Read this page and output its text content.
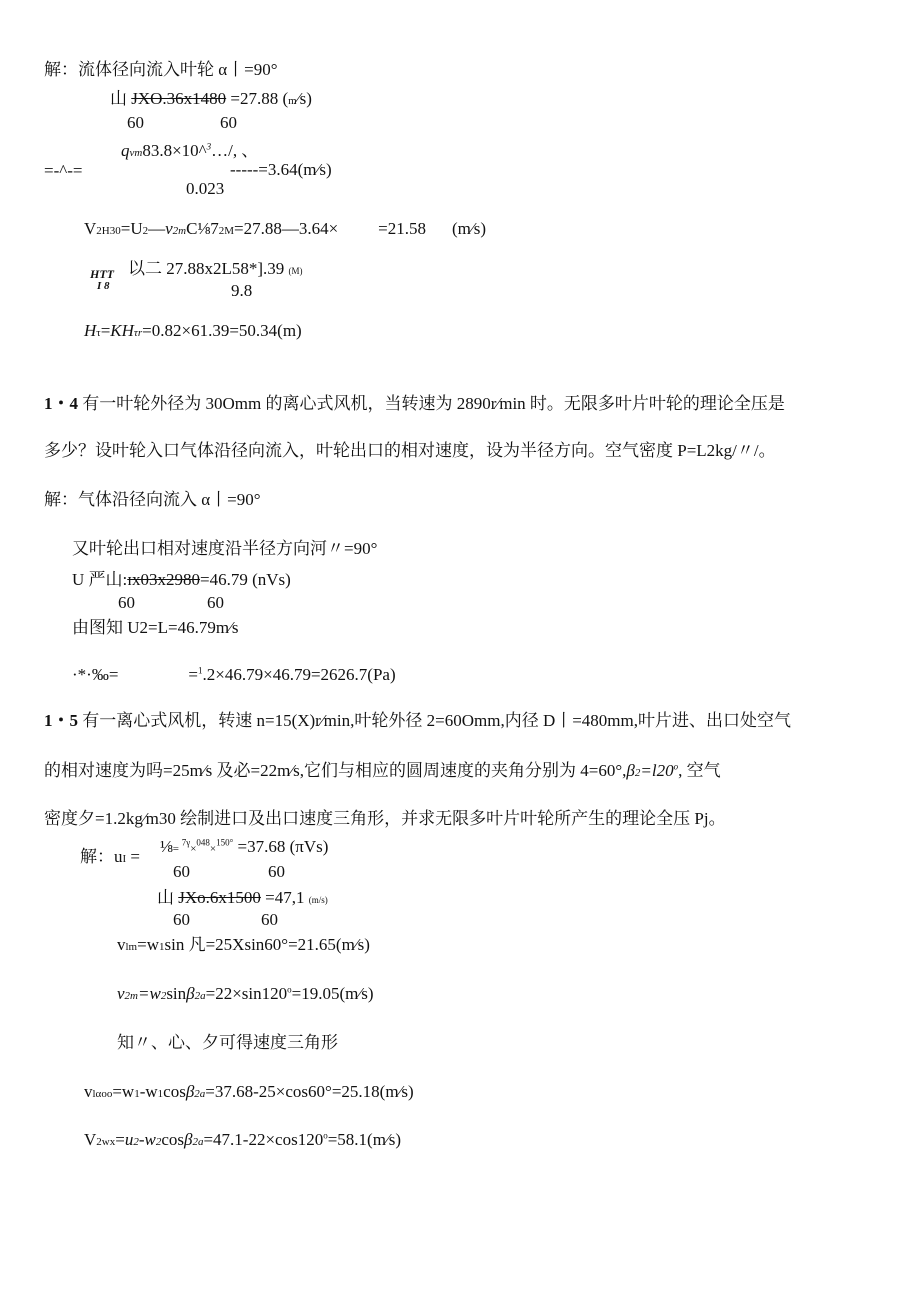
解：流体径向流入叶轮 α丨=90°
山 JXO.36x1480 =27.88 (m⁄s)
60	60
qvт83.8×10^$^3$…/, 、
=-^-=	-----=3.64(m⁄s)
0.023
V2H30=U2—v2mC⅛72M=27.88—3.64× =21.58 (m⁄s)
HTT
I 8
以二 27.88x2L58*].39 (M)
9.8
Hτ=KHτr=0.82×61.39=50.34(m)
1・4 有一叶轮外径为 30Omm 的离心式风机，当转速为 2890r⁄min 时。无限多叶片叶轮的理论全压是
多少？设叶轮入口气体沿径向流入，叶轮出口的相对速度，设为半径方向。空气密度 P=L2kg/〃/。
解：气体沿径向流入 α丨=90°
又叶轮出口相对速度沿半径方向河〃=90°
U 严山:ɪx03x2980=46.79 (nVs)
60	60
由图知 U2=L=46.79m⁄s
·*·‰=	=$^1$.2×46.79×46.79=2626.7(Pa)
1・5 有一离心式风机，转速 n=15(X)r⁄min,叶轮外径 2=60Omm,内径 D丨=480mm,叶片进、出口处空气
的相对速度为吗=25m⁄s 及必=22m⁄s,它们与相应的圆周速度的夹角分别为 $4=60^\circ,\beta 2=l20^o$, 空气
密度夕=1.2kg⁄m30 绘制进口及出口速度三角形，并求无限多叶片叶轮所产生的理论全压 Pj。
解：uI =
⅛= $^{7\gamma}$×$^{048}$×$^{150^\circ}$ =37.68 (πVs)
60	60
山 JXo.6x1500 =47,1 (m/s)
60	60
vlm=w1sin 凡=25Xsin60°=21.65(m⁄s)
$v2m=w2\sin\beta 2a=22\times\sin 120^o=19.05(m⁄s)$
知〃、心、夕可得速度三角形
vlαoo=w1-w1cosβ2a=37.68-25×cos60°=25.18(m⁄s)
$V2wx=u2-w2\cos\beta 2a=47.1-22\times\cos 120^o=58.1(m⁄s)$
